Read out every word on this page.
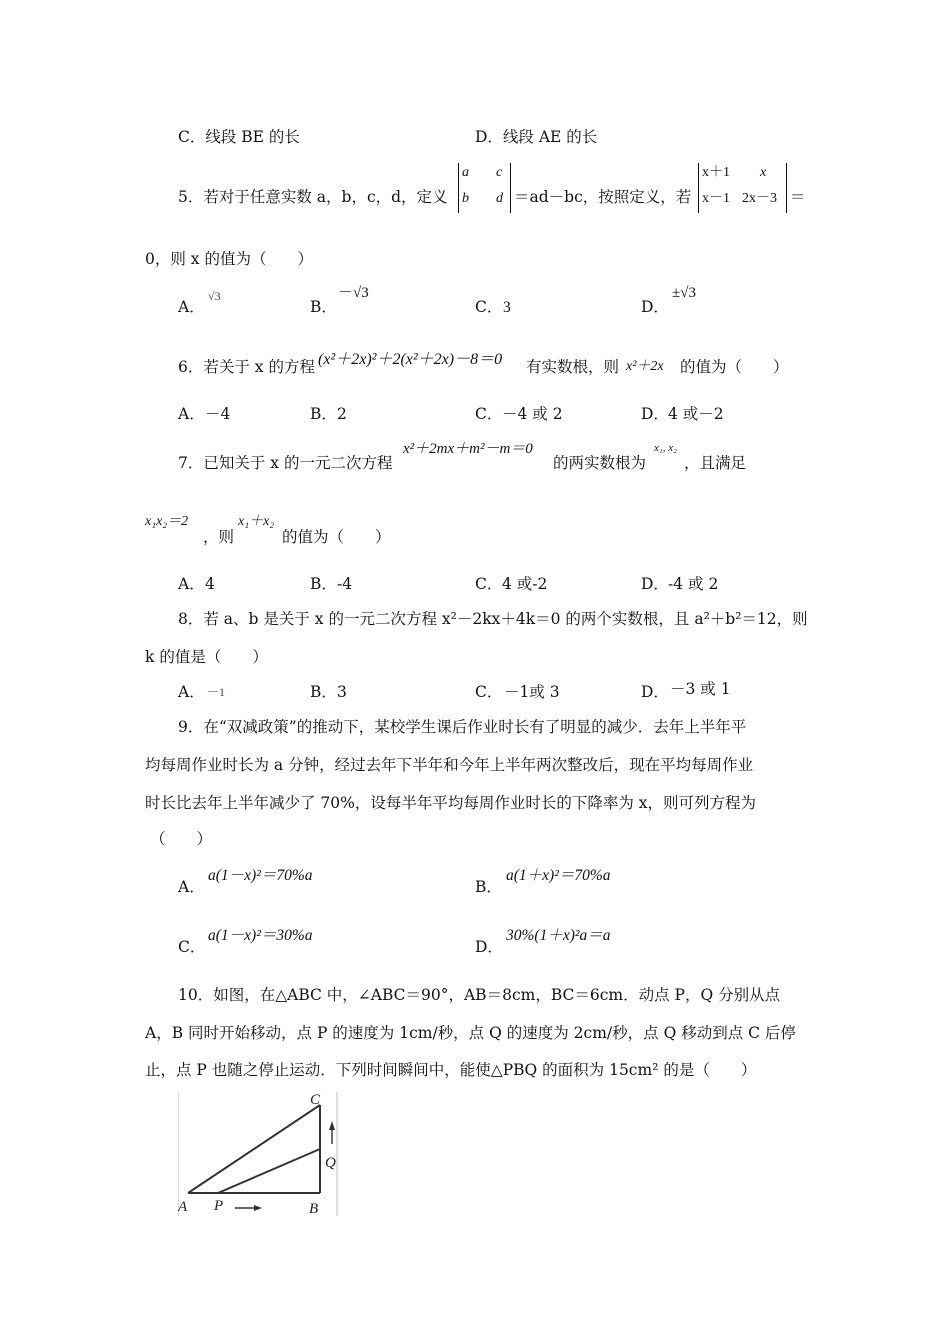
C．线段 BE 的长	D．线段 AE 的长
5．若对于任意实数 a，b，c，d，定义
a c
b d ＝ad－bc，按照定义，若
x＋1 x
x－1 2x－3 ＝
0，则 x 的值为（　　）
A．
√3
B．
－√3
C． 3	D．
±√3
6．若关于 x 的方程 (x²＋2x)²＋2(x²＋2x)－8＝0 有实数根，则 x²＋2x 的值为（　　）
A． －4	B． 2	C． －4 或 2	D． 4 或－2
7．已知关于 x 的一元二次方程
x²＋2mx＋m²－m＝0
的两实数根为
x₁, x₂
，且满足
x₁x₂＝2
，则
x₁＋x₂
的值为（　　）
A． 4	B． -4	C． 4 或-2	D． -4 或 2
8．若 a、b 是关于 x 的一元二次方程 x²－2kx＋4k＝0 的两个实数根，且 a²＋b²＝12，则
k 的值是（　　）
A． －1	B． 3	C． －1或 3	D． －3 或 1
9．在“双减政策”的推动下，某校学生课后作业时长有了明显的减少．去年上半年平
均每周作业时长为 a 分钟，经过去年下半年和今年上半年两次整改后，现在平均每周作业
时长比去年上半年减少了 70%，设每半年平均每周作业时长的下降率为 x，则可列方程为
（　　）
A．
a(1－x)²＝70%a
B．
a(1＋x)²＝70%a
C．
a(1－x)²＝30%a
D．
30%(1＋x)²a＝a
10．如图，在△ABC 中，∠ABC＝90°，AB＝8cm，BC＝6cm．动点 P，Q 分别从点
A，B 同时开始移动，点 P 的速度为 1cm/秒，点 Q 的速度为 2cm/秒，点 Q 移动到点 C 后停
止，点 P 也随之停止运动．下列时间瞬间中，能使△PBQ 的面积为 15cm² 的是（　　）
A P	B
C
Q
